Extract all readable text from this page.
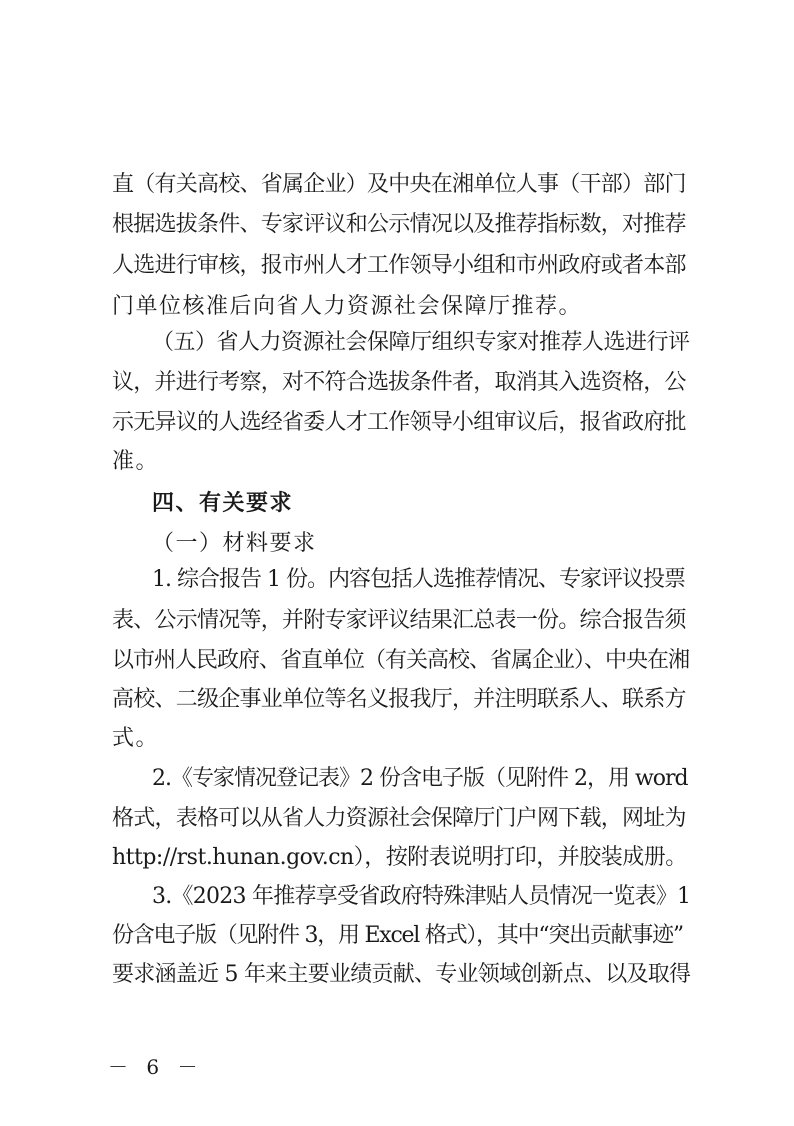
直（有关高校、省属企业）及中央在湘单位人事（干部）部门
根据选拔条件、专家评议和公示情况以及推荐指标数，对推荐
人选进行审核，报市州人才工作领导小组和市州政府或者本部
门单位核准后向省人力资源社会保障厅推荐。
（五）省人力资源社会保障厅组织专家对推荐人选进行评
议，并进行考察，对不符合选拔条件者，取消其入选资格，公
示无异议的人选经省委人才工作领导小组审议后，报省政府批
准。
四、有关要求
（一）材料要求
1. 综合报告 1 份。内容包括人选推荐情况、专家评议投票
表、公示情况等，并附专家评议结果汇总表一份。综合报告须
以市州人民政府、省直单位（有关高校、省属企业）、中央在湘
高校、二级企事业单位等名义报我厅，并注明联系人、联系方
式。
2.《专家情况登记表》2 份含电子版（见附件 2，用 word
格式，表格可以从省人力资源社会保障厅门户网下载，网址为
http://rst.hunan.gov.cn），按附表说明打印，并胶装成册。
3.《2023 年推荐享受省政府特殊津贴人员情况一览表》1
份含电子版（见附件 3，用 Excel 格式），其中“突出贡献事迹”
要求涵盖近 5 年来主要业绩贡献、专业领域创新点、以及取得
－ 6 －
